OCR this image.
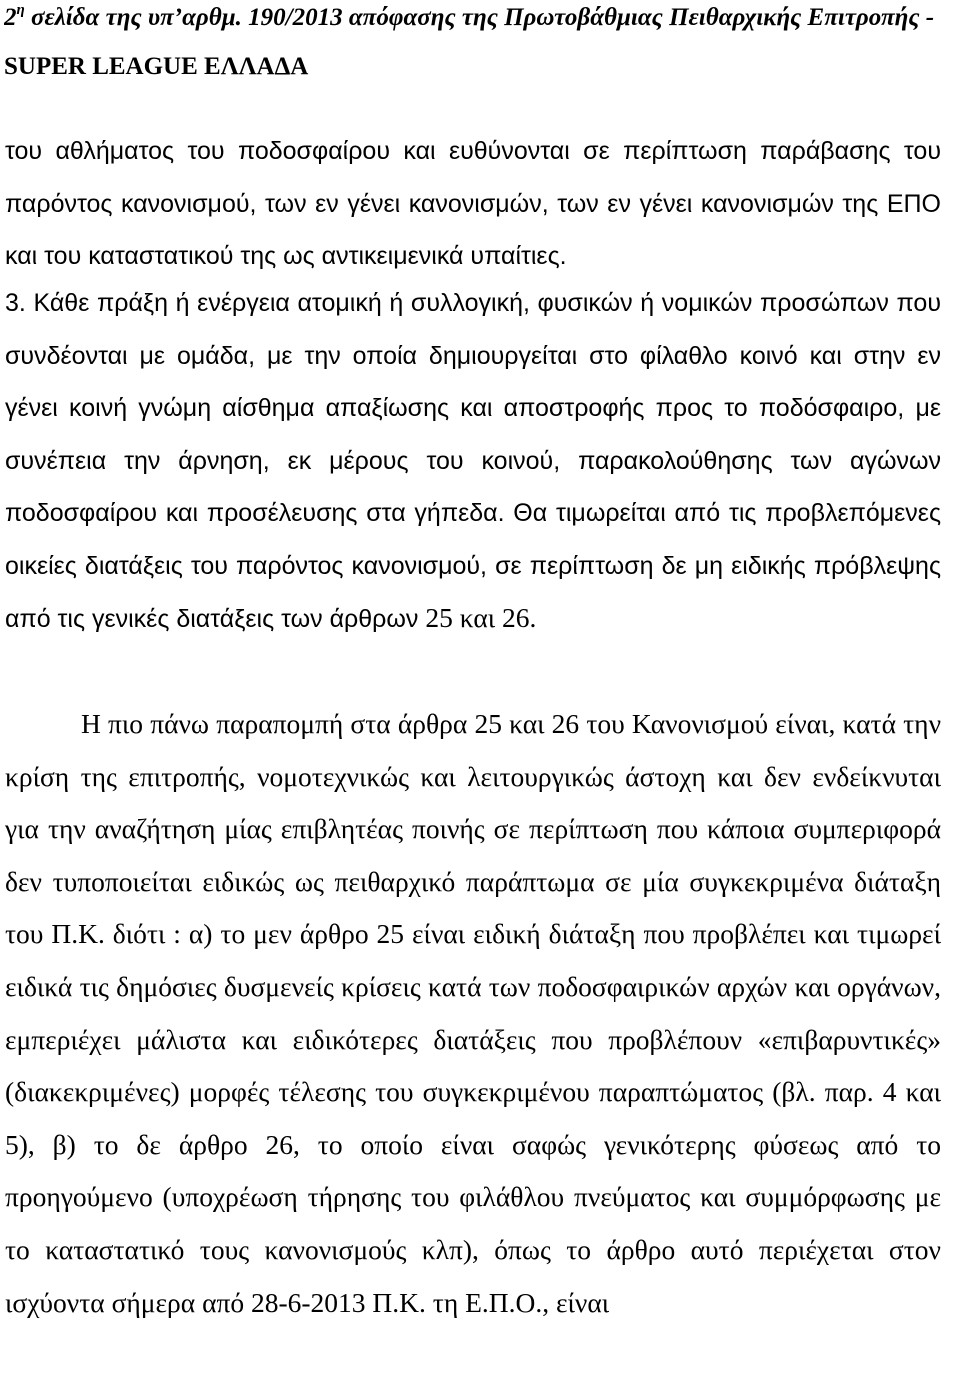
$2^\eta$ σελίδα της υπ’αρθμ. 190/2013 απόφασης της Πρωτοβάθμιας Πειθαρχικής Επιτροπής -
SUPER LEAGUE ΕΛΛΑΔΑ
του αθλήματος του ποδοσφαίρου και ευθύνονται σε περίπτωση παράβασης του παρόντος κανονισμού, των εν γένει κανονισμών, των εν γένει κανονισμών της ΕΠΟ και του καταστατικού της ως αντικειμενικά υπαίτιες.
3. Κάθε πράξη ή ενέργεια ατομική ή συλλογική, φυσικών ή νομικών προσώπων που συνδέονται με ομάδα, με την οποία δημιουργείται στο φίλαθλο κοινό και στην εν γένει κοινή γνώμη αίσθημα απαξίωσης και αποστροφής προς το ποδόσφαιρο, με συνέπεια την άρνηση, εκ μέρους του κοινού, παρακολούθησης των αγώνων ποδοσφαίρου και προσέλευσης στα γήπεδα. Θα τιμωρείται από τις προβλεπόμενες οικείες διατάξεις του παρόντος κανονισμού, σε περίπτωση δε μη ειδικής πρόβλεψης από τις γενικές διατάξεις των άρθρων 25 και 26.
Η πιο πάνω παραπομπή στα άρθρα 25 και 26 του Κανονισμού είναι, κατά την κρίση της επιτροπής, νομοτεχνικώς και λειτουργικώς άστοχη και δεν ενδείκνυται για την αναζήτηση μίας επιβλητέας ποινής σε περίπτωση που κάποια συμπεριφορά δεν τυποποιείται ειδικώς ως πειθαρχικό παράπτωμα σε μία συγκεκριμένα διάταξη του Π.Κ. διότι : α) το μεν άρθρο 25 είναι ειδική διάταξη που προβλέπει και τιμωρεί ειδικά τις δημόσιες δυσμενείς κρίσεις κατά των ποδοσφαιρικών αρχών και οργάνων, εμπεριέχει μάλιστα και ειδικότερες διατάξεις που προβλέπουν «επιβαρυντικές» (διακεκριμένες) μορφές τέλεσης του συγκεκριμένου παραπτώματος (βλ. παρ. 4 και 5), β) το δε άρθρο 26, το οποίο είναι σαφώς γενικότερης φύσεως από το προηγούμενο (υποχρέωση τήρησης του φιλάθλου πνεύματος και συμμόρφωσης με το καταστατικό τους κανονισμούς κλπ), όπως το άρθρο αυτό περιέχεται στον ισχύοντα σήμερα από 28-6-2013 Π.Κ. τη Ε.Π.Ο., είναι
